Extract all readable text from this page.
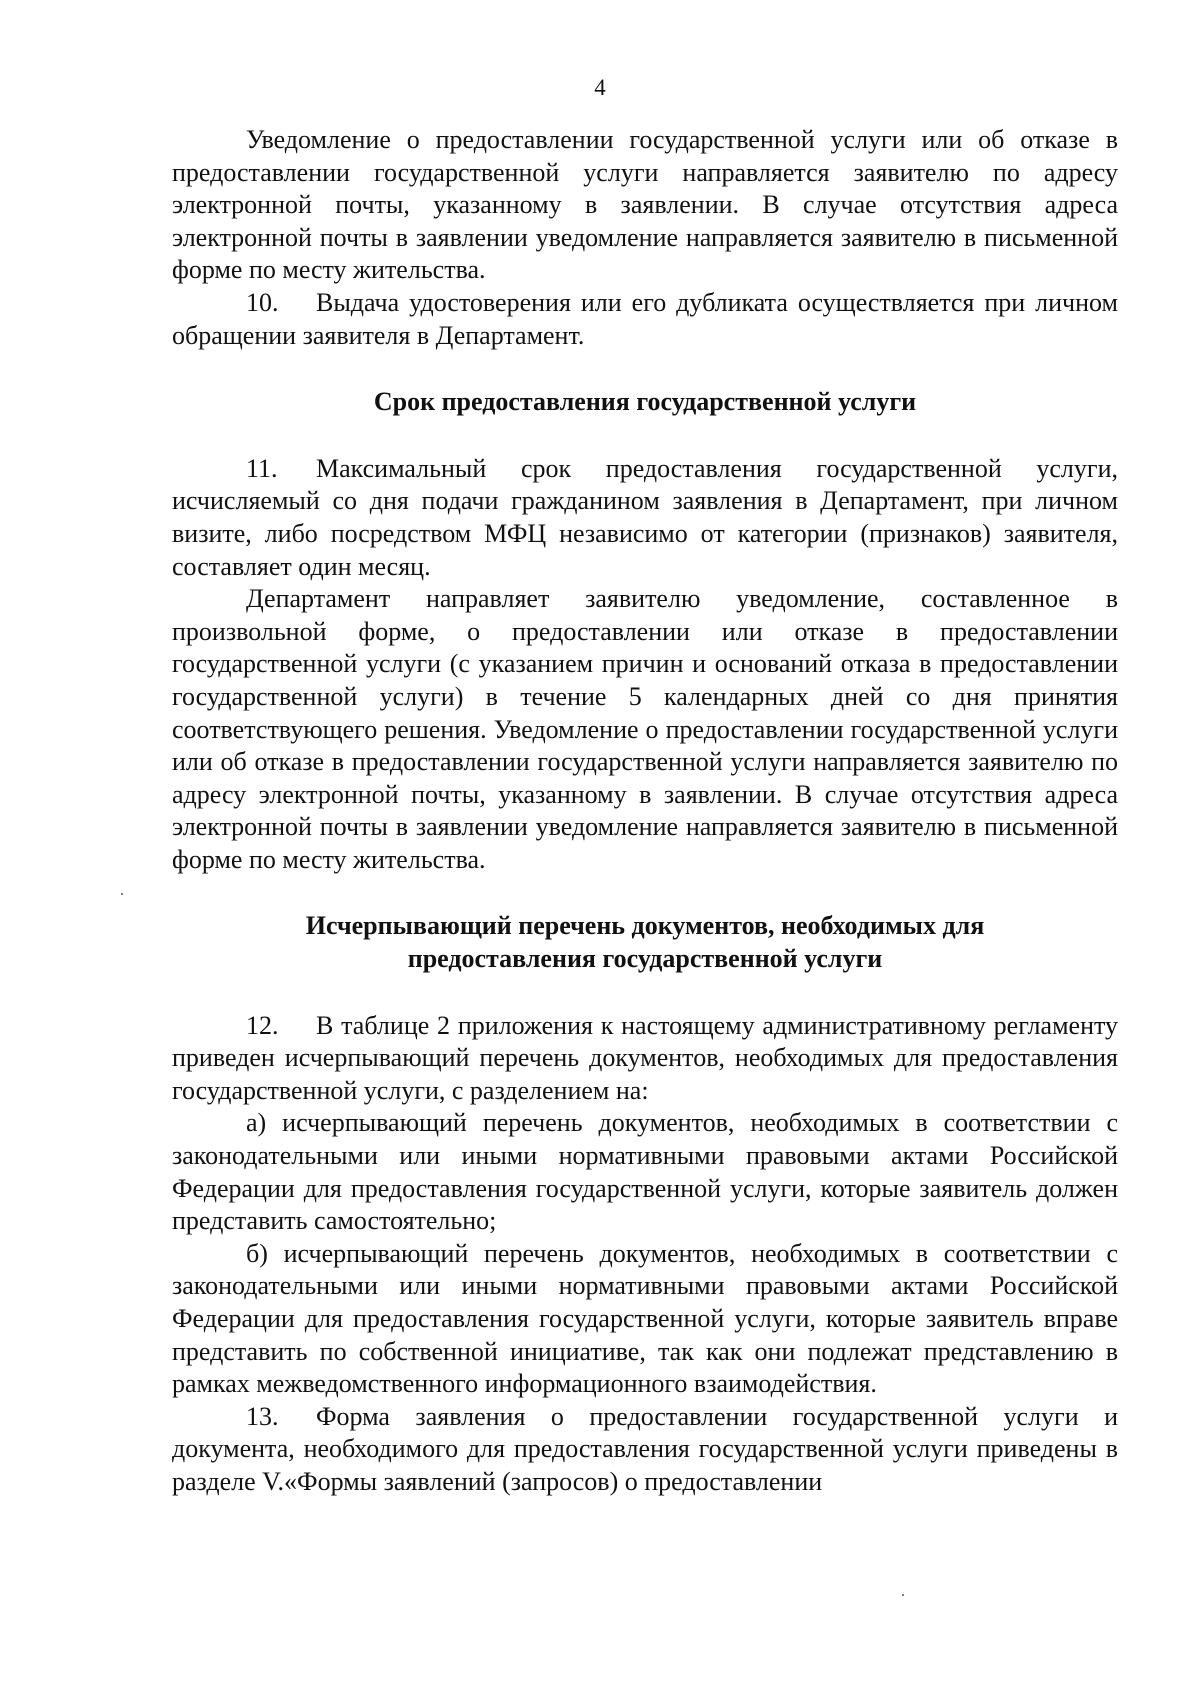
4

Уведомление о предоставлении государственной услуги или об отказе в предоставлении государственной услуги направляется заявителю по адресу электронной почты, указанному в заявлении. В случае отсутствия адреса электронной почты в заявлении уведомление направляется заявителю в письменной форме по месту жительства.

10. Выдача удостоверения или его дубликата осуществляется при личном обращении заявителя в Департамент.

Срок предоставления государственной услуги

11. Максимальный срок предоставления государственной услуги, исчисляемый со дня подачи гражданином заявления в Департамент, при личном визите, либо посредством МФЦ независимо от категории (признаков) заявителя, составляет один месяц.

Департамент направляет заявителю уведомление, составленное в произвольной форме, о предоставлении или отказе в предоставлении государственной услуги (с указанием причин и оснований отказа в предоставлении государственной услуги) в течение 5 календарных дней со дня принятия соответствующего решения. Уведомление о предоставлении государственной услуги или об отказе в предоставлении государственной услуги направляется заявителю по адресу электронной почты, указанному в заявлении. В случае отсутствия адреса электронной почты в заявлении уведомление направляется заявителю в письменной форме по месту жительства.

Исчерпывающий перечень документов, необходимых для
предоставления государственной услуги

12. В таблице 2 приложения к настоящему административному регламенту приведен исчерпывающий перечень документов, необходимых для предоставления государственной услуги, с разделением на:

а) исчерпывающий перечень документов, необходимых в соответствии с законодательными или иными нормативными правовыми актами Российской Федерации для предоставления государственной услуги, которые заявитель должен представить самостоятельно;

б) исчерпывающий перечень документов, необходимых в соответствии с законодательными или иными нормативными правовыми актами Российской Федерации для предоставления государственной услуги, которые заявитель вправе представить по собственной инициативе, так как они подлежат представлению в рамках межведомственного информационного взаимодействия.

13. Форма заявления о предоставлении государственной услуги и документа, необходимого для предоставления государственной услуги приведены в разделе V.«Формы заявлений (запросов) о предоставлении
